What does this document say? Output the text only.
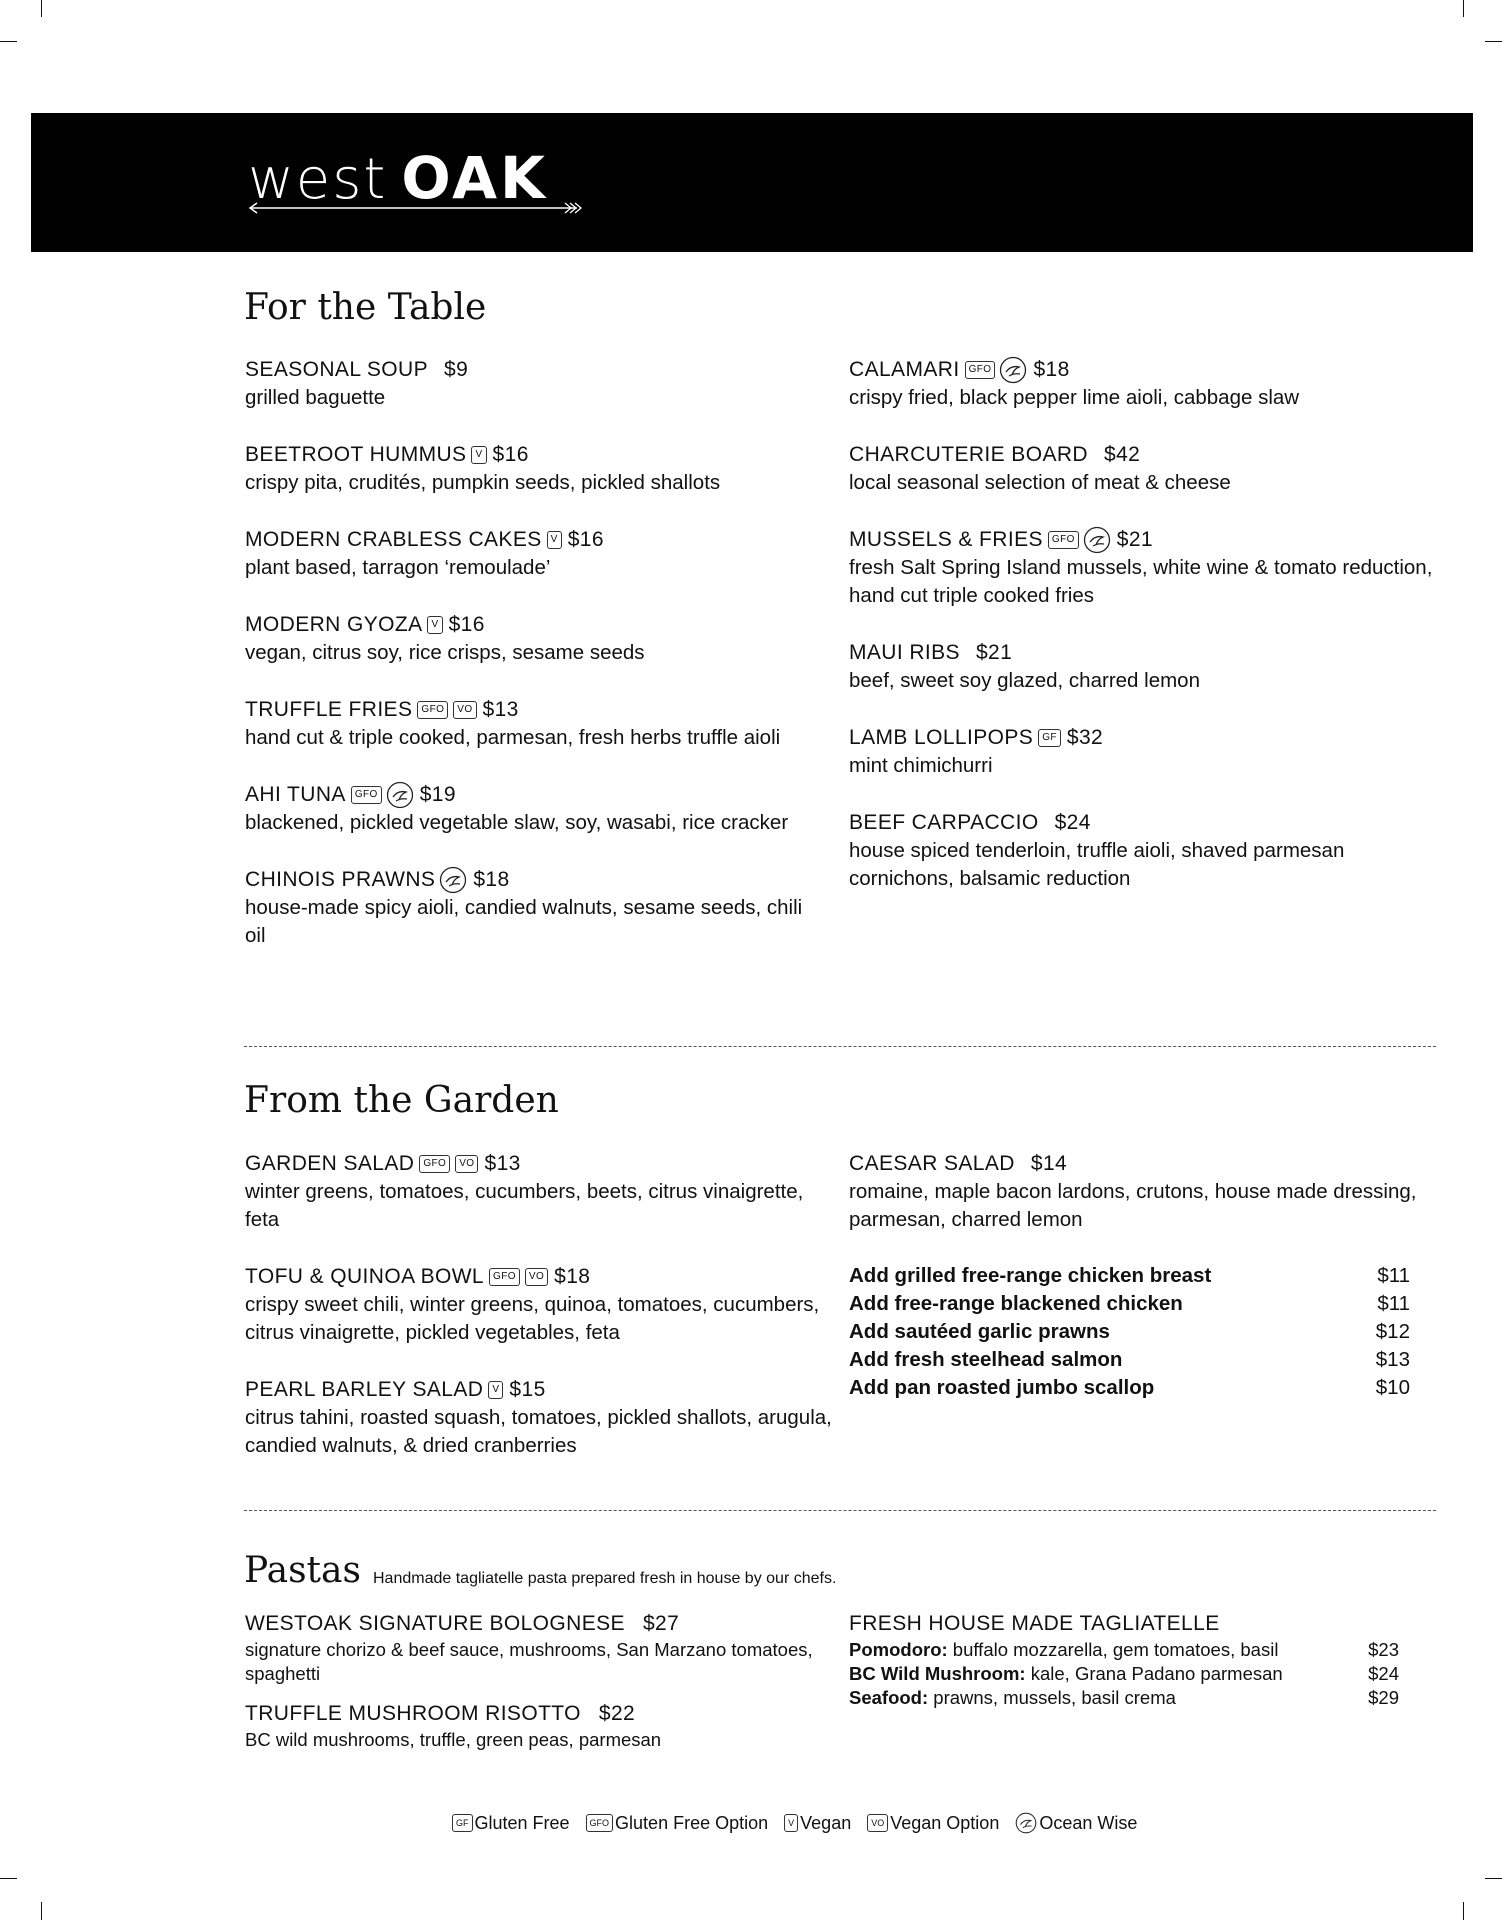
west OAK
For the Table
SEASONAL SOUP $9
grilled baguette
BEETROOT HUMMUS V $16
crispy pita, crudités, pumpkin seeds, pickled shallots
MODERN CRABLESS CAKES V $16
plant based, tarragon ‘remoulade’
MODERN GYOZA V $16
vegan, citrus soy, rice crisps, sesame seeds
TRUFFLE FRIES GFO	VO $13
hand cut & triple cooked, parmesan, fresh herbs truffle aioli
AHI TUNA GFO $19
blackened, pickled vegetable slaw, soy, wasabi, rice cracker
CHINOIS PRAWNS $18
house-made spicy aioli, candied walnuts, sesame seeds, chili oil
CALAMARI GFO $18
crispy fried, black pepper lime aioli, cabbage slaw
CHARCUTERIE BOARD $42
local seasonal selection of meat & cheese
MUSSELS & FRIES GFO $21
fresh Salt Spring Island mussels, white wine & tomato reduction, hand cut triple cooked fries
MAUI RIBS $21
beef, sweet soy glazed, charred lemon
LAMB LOLLIPOPS GF $32
mint chimichurri
BEEF CARPACCIO $24
house spiced tenderloin, truffle aioli, shaved parmesan cornichons, balsamic reduction
From the Garden
GARDEN SALAD GFO	VO $13
winter greens, tomatoes, cucumbers, beets, citrus vinaigrette, feta
TOFU & QUINOA BOWL GFO	VO $18
crispy sweet chili, winter greens, quinoa, tomatoes, cucumbers, citrus vinaigrette, pickled vegetables, feta
PEARL BARLEY SALAD V $15
citrus tahini, roasted squash, tomatoes, pickled shallots, arugula, candied walnuts, & dried cranberries
CAESAR SALAD $14
romaine, maple bacon lardons, crutons, house made dressing, parmesan, charred lemon
Add grilled free-range chicken breast	$11
Add free-range blackened chicken	$11
Add sautéed garlic prawns	$12
Add fresh steelhead salmon	$13
Add pan roasted jumbo scallop	$10
Pastas Handmade tagliatelle pasta prepared fresh in house by our chefs.
WESTOAK SIGNATURE BOLOGNESE $27
signature chorizo & beef sauce, mushrooms, San Marzano tomatoes, spaghetti
TRUFFLE MUSHROOM RISOTTO $22
BC wild mushrooms, truffle, green peas, parmesan
FRESH HOUSE MADE TAGLIATELLE
Pomodoro: buffalo mozzarella, gem tomatoes, basil	$23
BC Wild Mushroom: kale, Grana Padano parmesan	$24
Seafood: prawns, mussels, basil crema	$29
GF Gluten Free	GFO Gluten Free Option	V Vegan	VO Vegan Option Ocean Wise
